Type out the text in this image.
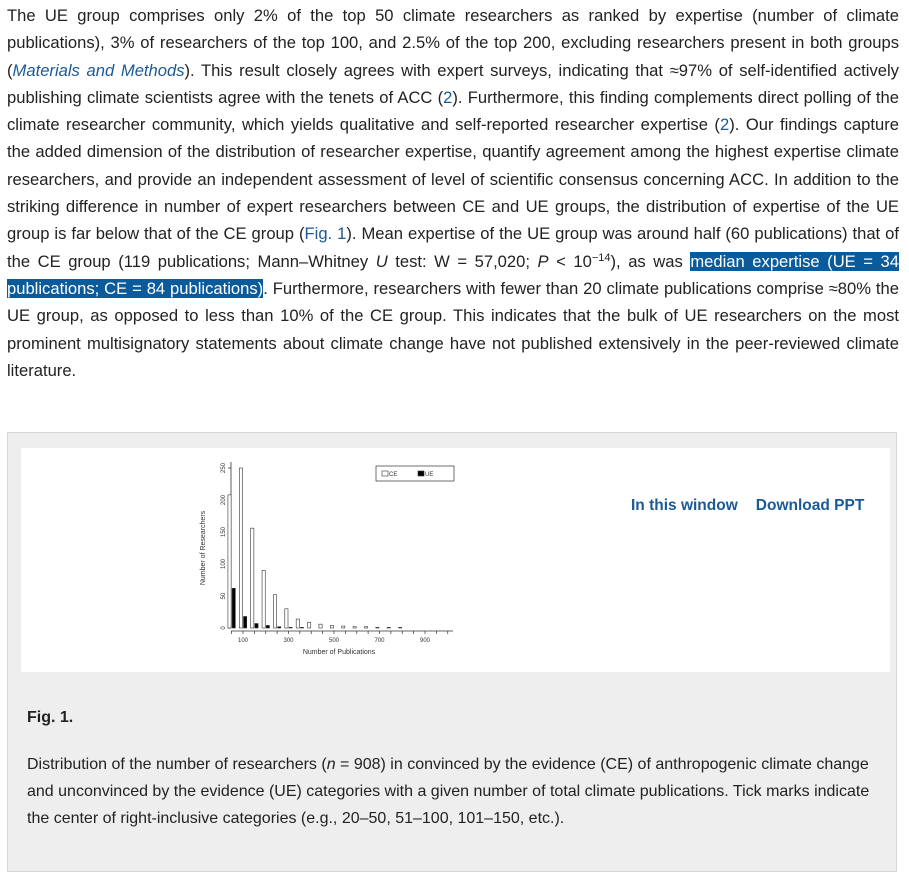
The UE group comprises only 2% of the top 50 climate researchers as ranked by expertise (number of climate publications), 3% of researchers of the top 100, and 2.5% of the top 200, excluding researchers present in both groups (Materials and Methods). This result closely agrees with expert surveys, indicating that ≈97% of self-identified actively publishing climate scientists agree with the tenets of ACC (2). Furthermore, this finding complements direct polling of the climate researcher community, which yields qualitative and self-reported researcher expertise (2). Our findings capture the added dimension of the distribution of researcher expertise, quantify agreement among the highest expertise climate researchers, and provide an independent assessment of level of scientific consensus concerning ACC. In addition to the striking difference in number of expert researchers between CE and UE groups, the distribution of expertise of the UE group is far below that of the CE group (Fig. 1). Mean expertise of the UE group was around half (60 publications) that of the CE group (119 publications; Mann–Whitney U test: W = 57,020; $P < 10^{-14}$), as was median expertise (UE = 34 publications; CE = 84 publications). Furthermore, researchers with fewer than 20 climate publications comprise ≈80% the UE group, as opposed to less than 10% of the CE group. This indicates that the bulk of UE researchers on the most prominent multisignatory statements about climate change have not published extensively in the peer-reviewed climate literature.
Number of Researchers
Number of Publications
0
50
100
150
200
250
100	300	500	700	900
CE	UE
In this window Download PPT
Fig. 1.
Distribution of the number of researchers (n = 908) in convinced by the evidence (CE) of anthropogenic climate change and unconvinced by the evidence (UE) categories with a given number of total climate publications. Tick marks indicate the center of right-inclusive categories (e.g., 20–50, 51–100, 101–150, etc.).
